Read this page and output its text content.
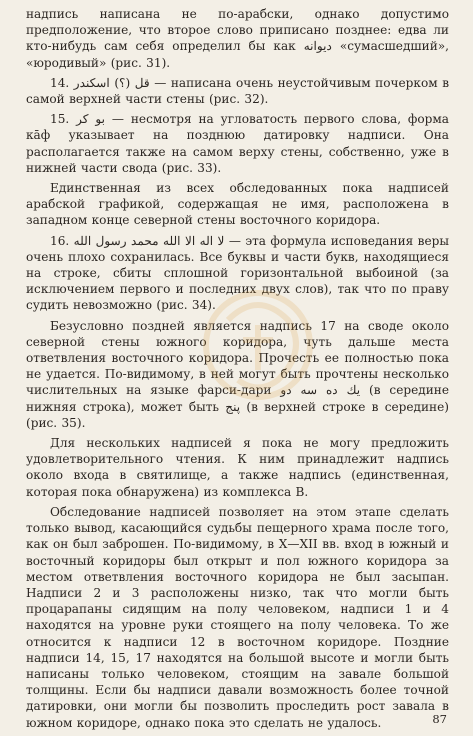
надпись написана не по-арабски, однако допустимо предположение, что второе слово приписано позднее: едва ли кто-нибудь сам себя определил бы как ديوانه «сумасшедший», «юродивый» (рис. 31).

14. قل (؟) اسكندر — написана очень неустойчивым почерком в самой верхней части стены (рис. 32).

15. بو كر — несмотря на угловатость первого слова, форма кāф указывает на позднюю датировку надписи. Она располагается также на самом верху стены, собственно, уже в нижней части свода (рис. 33).

Единственная из всех обследованных пока надписей арабской графикой, содержащая не имя, расположена в западном конце северной стены восточного коридора.

16. لا اله الا الله محمد رسول الله — эта формула исповедания веры очень плохо сохранилась. Все буквы и части букв, находящиеся на строке, сбиты сплошной горизонтальной выбоиной (за исключением первого и последних двух слов), так что по праву судить невозможно (рис. 34).

Безусловно поздней является надпись 17 на своде около северной стены южного коридора, чуть дальше места ответвления восточного коридора. Прочесть ее полностью пока не удается. По-видимому, в ней могут быть прочтены несколько числительных на языке фарси-дари يك ده سه دو (в середине нижняя строка), может быть پنج (в верхней строке в середине) (рис. 35).

Для нескольких надписей я пока не могу предложить удовлетворительного чтения. К ним принадлежит надпись около входа в святилище, а также надпись (единственная, которая пока обнаружена) из комплекса В.

Обследование надписей позволяет на этом этапе сделать только вывод, касающийся судьбы пещерного храма после того, как он был заброшен. По-видимому, в X—XII вв. вход в южный и восточный коридоры был открыт и пол южного коридора за местом ответвления восточного коридора не был засыпан. Надписи 2 и 3 расположены низко, так что могли быть процарапаны сидящим на полу человеком, надписи 1 и 4 находятся на уровне руки стоящего на полу человека. То же относится к надписи 12 в восточном коридоре. Поздние надписи 14, 15, 17 находятся на большой высоте и могли быть написаны только человеком, стоящим на завале большой толщины. Если бы надписи давали возможность более точной датировки, они могли бы позволить проследить рост завала в южном коридоре, однако пока это сделать не удалось.	87
